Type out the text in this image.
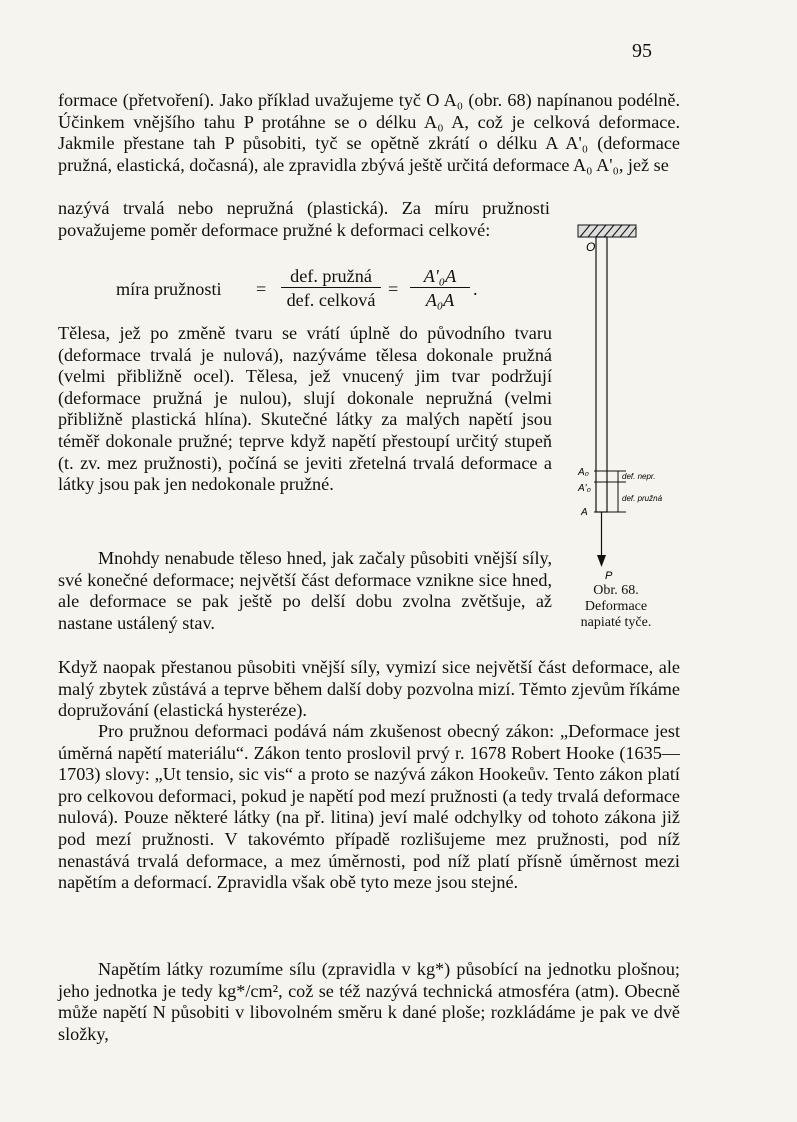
95

formace (přetvoření). Jako příklad uvažujeme tyč O A₀ (obr. 68) napínanou podélně. Účinkem vnějšího tahu P protáhne se o délku A₀ A, což je celková deformace. Jakmile přestane tah P působiti, tyč se opětně zkrátí o délku A A'₀ (deformace pružná, elastická, dočasná), ale zpravidla zbývá ještě určitá deformace A₀ A'₀, jež se

nazývá trvalá nebo nepružná (plastická). Za míru pružnosti považujeme poměr deformace pružné k deformaci celkové:

míra pružnosti =
def. pružná
def. celková
= $\frac{\text{A'₀A}}{\text{A₀A}}$ .

Tělesa, jež po změně tvaru se vrátí úplně do původního tvaru (deformace trvalá je nulová), nazýváme tělesa dokonale pružná (velmi přibližně ocel). Tělesa, jež vnucený jim tvar podržují (deformace pružná je nulou), slují dokonale nepružná (velmi přibližně plastická hlína). Skutečné látky za malých napětí jsou téměř dokonale pružné; teprve když napětí přestoupí určitý stupeň (t. zv. mez pružnosti), počíná se jeviti zřetelná trvalá deformace a látky jsou pak jen nedokonale pružné.

O
A₀
A'₀
A
def. nepr.
def. pružná
P
Obr. 68.
Deformace
napiaté tyče.

Mnohdy nenabude těleso hned, jak začaly působiti vnější síly, své konečné deformace; největší část deformace vznikne sice hned, ale deformace se pak ještě po delší dobu zvolna zvětšuje, až nastane ustálený stav.

Když naopak přestanou působiti vnější síly, vymizí sice největší část deformace, ale malý zbytek zůstává a teprve během další doby pozvolna mizí. Těmto zjevům říkáme dopružování (elastická hysteréze).

Pro pružnou deformaci podává nám zkušenost obecný zákon: „Deformace jest úměrná napětí materiálu“. Zákon tento proslovil prvý r. 1678 Robert Hooke (1635—1703) slovy: „Ut tensio, sic vis“ a proto se nazývá zákon Hookeův. Tento zákon platí pro celkovou deformaci, pokud je napětí pod mezí pružnosti (a tedy trvalá deformace nulová). Pouze některé látky (na př. litina) jeví malé odchylky od tohoto zákona již pod mezí pružnosti. V takovémto případě rozlišujeme mez pružnosti, pod níž nenastává trvalá deformace, a mez úměrnosti, pod níž platí přísně úměrnost mezi napětím a deformací. Zpravidla však obě tyto meze jsou stejné.

Napětím látky rozumíme sílu (zpravidla v kg*) působící na jednotku plošnou; jeho jednotka je tedy kg*/cm², což se též nazývá technická atmosféra (atm). Obecně může napětí N působiti v libovolném směru k dané ploše; rozkládáme je pak ve dvě složky,
